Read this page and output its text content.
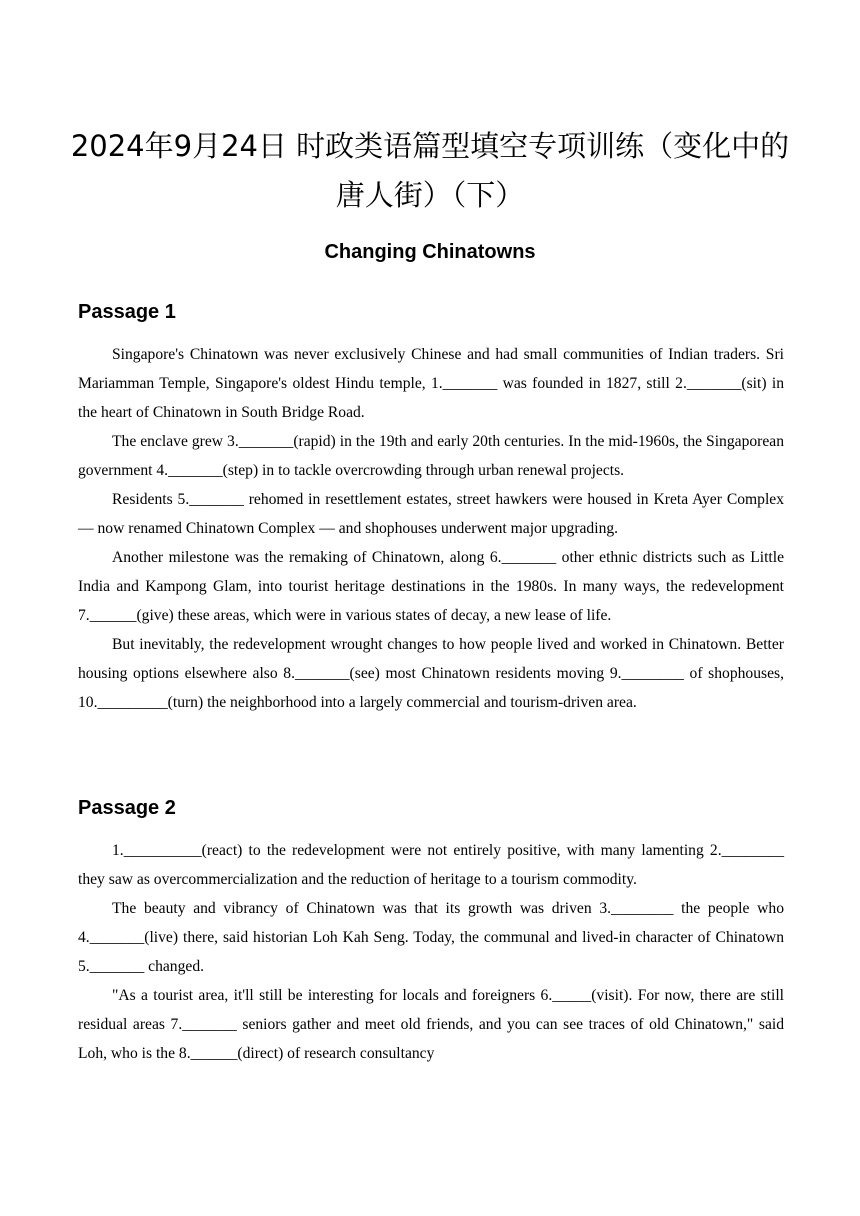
2024年9月24日 时政类语篇型填空专项训练（变化中的唐人街）（下）
Changing Chinatowns
Passage 1

Singapore's Chinatown was never exclusively Chinese and had small communities of Indian traders. Sri Mariamman Temple, Singapore's oldest Hindu temple, 1._______ was founded in 1827, still 2._______(sit) in the heart of Chinatown in South Bridge Road.

The enclave grew 3._______(rapid) in the 19th and early 20th centuries. In the mid-1960s, the Singaporean government 4._______(step) in to tackle overcrowding through urban renewal projects.

Residents 5._______ rehomed in resettlement estates, street hawkers were housed in Kreta Ayer Complex — now renamed Chinatown Complex — and shophouses underwent major upgrading.

Another milestone was the remaking of Chinatown, along 6._______ other ethnic districts such as Little India and Kampong Glam, into tourist heritage destinations in the 1980s. In many ways, the redevelopment 7.______(give) these areas, which were in various states of decay, a new lease of life.

But inevitably, the redevelopment wrought changes to how people lived and worked in Chinatown. Better housing options elsewhere also 8._______(see) most Chinatown residents moving 9.________ of shophouses, 10._________(turn) the neighborhood into a largely commercial and tourism-driven area.

Passage 2

1.__________(react) to the redevelopment were not entirely positive, with many lamenting 2.________ they saw as overcommercialization and the reduction of heritage to a tourism commodity.

The beauty and vibrancy of Chinatown was that its growth was driven 3.________ the people who 4._______(live) there, said historian Loh Kah Seng. Today, the communal and lived-in character of Chinatown 5._______ changed.

"As a tourist area, it'll still be interesting for locals and foreigners 6._____(visit). For now, there are still residual areas 7._______ seniors gather and meet old friends, and you can see traces of old Chinatown," said Loh, who is the 8.______(direct) of research consultancy
